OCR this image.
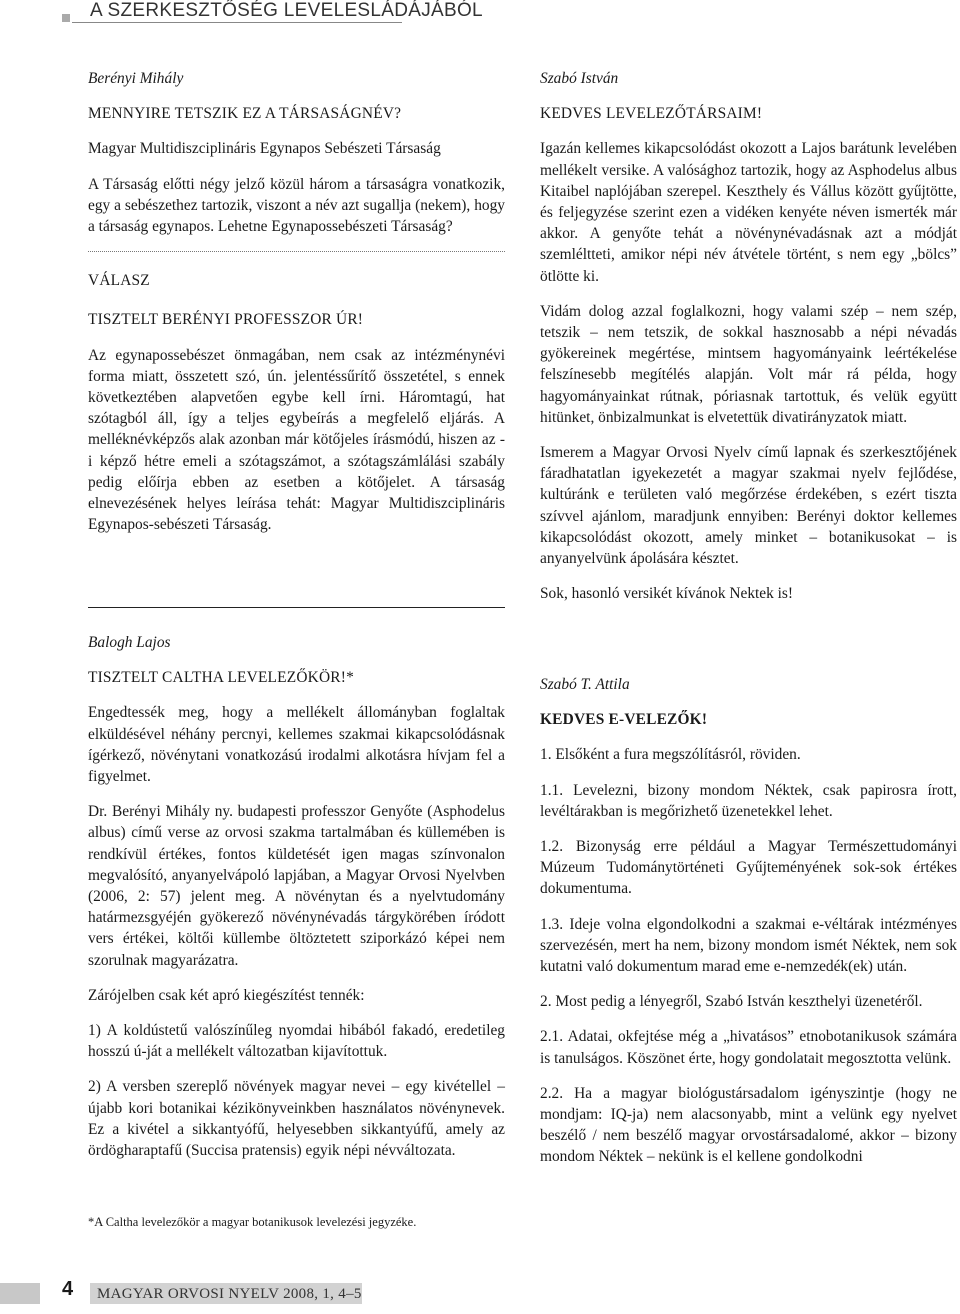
A SZERKESZTŐSÉG LEVELESLÁDÁJÁBÓL

Berényi Mihály

MENNYIRE TETSZIK EZ A TÁRSASÁGNÉV?

Magyar Multidiszciplináris Egynapos Sebészeti Társaság

A Társaság előtti négy jelző közül három a társaságra vonatkozik, egy a sebészethez tartozik, viszont a név azt sugallja (nekem), hogy a társaság egynapos. Lehetne Egynapossebészeti Társaság?

VÁLASZ

TISZTELT BERÉNYI PROFESSZOR ÚR!

Az egynapossebészet önmagában, nem csak az intézménynévi forma miatt, összetett szó, ún. jelentéssűrítő összetétel, s ennek következtében alapvetően egybe kell írni. Háromtagú, hat szótagból áll, így a teljes egybeírás a megfelelő eljárás. A melléknévképzős alak azonban már kötőjeles írásmódú, hiszen az -i képző hétre emeli a szótagszámot, a szótagszámlálási szabály pedig előírja ebben az esetben a kötőjelet. A társaság elnevezésének helyes leírása tehát: Magyar Multidiszciplináris Egynapos-sebészeti Társaság.

Balogh Lajos

TISZTELT CALTHA LEVELEZŐKÖR!*

Engedtessék meg, hogy a mellékelt állományban foglaltak elküldésével néhány percnyi, kellemes szakmai kikapcsolódásnak ígérkező, növénytani vonatkozású irodalmi alkotásra hívjam fel a figyelmet.

Dr. Berényi Mihály ny. budapesti professzor Genyőte (Asphodelus albus) című verse az orvosi szakma tartalmában és küllemében is rendkívül értékes, fontos küldetését igen magas színvonalon megvalósító, anyanyelvápoló lapjában, a Magyar Orvosi Nyelvben (2006, 2: 57) jelent meg. A növénytan és a nyelvtudomány határmezsgyéjén gyökerező növénynévadás tárgykörében íródott vers értékei, költői küllembe öltöztetett sziporkázó képei nem szorulnak magyarázatra.

Zárójelben csak két apró kiegészítést tennék:

1) A koldústetű valószínűleg nyomdai hibából fakadó, eredetileg hosszú ú-ját a mellékelt változatban kijavítottuk.

2) A versben szereplő növények magyar nevei – egy kivétellel – újabb kori botanikai kézikönyveinkben használatos növénynevek. Ez a kivétel a sikkantyófű, helyesebben sikkantyúfű, amely az ördögharaptafű (Succisa pratensis) egyik népi névváltozata.

*A Caltha levelezőkör a magyar botanikusok levelezési jegyzéke.

Szabó István

KEDVES LEVELEZŐTÁRSAIM!

Igazán kellemes kikapcsolódást okozott a Lajos barátunk levelében mellékelt versike. A valósághoz tartozik, hogy az Asphodelus albus Kitaibel naplójában szerepel. Keszthely és Vállus között gyűjtötte, és feljegyzése szerint ezen a vidéken kenyéte néven ismerték már akkor. A genyőte tehát a növénynévadásnak azt a módját szemléltteti, amikor népi név átvétele történt, s nem egy „bölcs” ötlötte ki.

Vidám dolog azzal foglalkozni, hogy valami szép – nem szép, tetszik – nem tetszik, de sokkal hasznosabb a népi névadás gyökereinek megértése, mintsem hagyományaink leértékelése felszínesebb megítélés alapján. Volt már rá példa, hogy hagyományainkat rútnak, póriasnak tartottuk, és velük együtt hitünket, önbizalmunkat is elvetettük divatirányzatok miatt.

Ismerem a Magyar Orvosi Nyelv című lapnak és szerkesztőjének fáradhatatlan igyekezetét a magyar szakmai nyelv fejlődése, kultúránk e területen való megőrzése érdekében, s ezért tiszta szívvel ajánlom, maradjunk ennyiben: Berényi doktor kellemes kikapcsolódást okozott, amely minket – botanikusokat – is anyanyelvünk ápolására késztet.

Sok, hasonló versikét kívánok Nektek is!

Szabó T. Attila

KEDVES E-VELEZŐK!

1. Elsőként a fura megszólításról, röviden.

1.1. Levelezni, bizony mondom Néktek, csak papirosra írott, levéltárakban is megőrizhető üzenetekkel lehet.

1.2. Bizonyság erre például a Magyar Természettudományi Múzeum Tudománytörténeti Gyűjteményének sok-sok értékes dokumentuma.

1.3. Ideje volna elgondolkodni a szakmai e-véltárak intézményes szervezésén, mert ha nem, bizony mondom ismét Néktek, nem sok kutatni való dokumentum marad eme e-nemzedék(ek) után.

2. Most pedig a lényegről, Szabó István keszthelyi üzenetéről.

2.1. Adatai, okfejtése még a „hivatásos” etnobotanikusok számára is tanulságos. Köszönet érte, hogy gondolatait megosztotta velünk.

2.2. Ha a magyar biológustársadalom igényszintje (hogy ne mondjam: IQ-ja) nem alacsonyabb, mint a velünk egy nyelvet beszélő / nem beszélő magyar orvostársadalomé, akkor – bizony mondom Néktek – nekünk is el kellene gondolkodni

4 MAGYAR ORVOSI NYELV 2008, 1, 4–5
